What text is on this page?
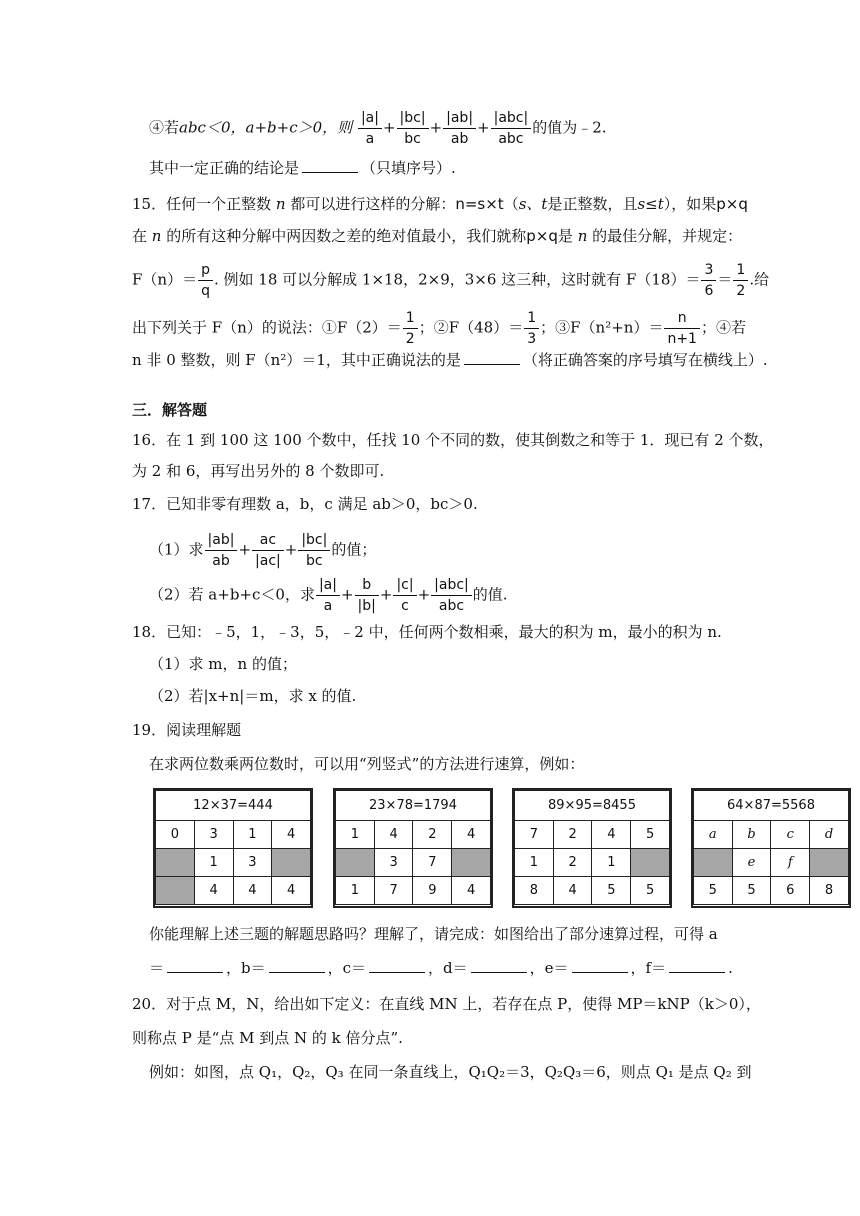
④若abc＜0，a+b+c＞0，则 $\frac{|a|}{a} + \frac{|bc|}{bc} + \frac{|ab|}{ab} + \frac{\text{|abc|}}{\text{abc}}$ 的值为﹣2.
其中一定正确的结论是	（只填序号）.
15．任何一个正整数 n 都可以进行这样的分解：n=s×t（s、t是正整数，且s≤t），如果p×q
在 n 的所有这种分解中两因数之差的绝对值最小，我们就称p×q是 n 的最佳分解，并规定：
$F(n)= \frac{p}{q}$ . 例如 18 可以分解成 1×18，2×9，3×6 这三种，这时就有 $F(18)= \frac{3}{6} = \frac{1}{2}$ .给
出下列关于 F（n）的说法：①F（2）＝ $\frac{1}{2}$ ；②F（48）＝ $\frac{1}{3}$ ；③F（n²+n）＝ $\frac{n}{n+1}$ ；④若
n 非 0 整数，则 F（n²）＝1，其中正确说法的是	（将正确答案的序号填写在横线上）.
三．解答题
16．在 1 到 100 这 100 个数中，任找 10 个不同的数，使其倒数之和等于 1．现已有 2 个数，
为 2 和 6，再写出另外的 8 个数即可.
17．已知非零有理数 a，b，c 满足 ab＞0，bc＞0.
（1）求 $\frac{|ab|}{ab} + \frac{ac}{|ac|} + \frac{|bc|}{bc}$ 的值；
（2）若 a+b+c＜0，求 $\frac{|a|}{a} + \frac{b}{|b|} + \frac{|c|}{c} + \frac{\text{|abc|}}{\text{abc}}$ 的值.
18．已知：﹣5，1，﹣3，5，﹣2 中，任何两个数相乘，最大的积为 m，最小的积为 n.
（1）求 m，n 的值；
（2）若|x+n|＝m，求 x 的值.
19．阅读理解题
在求两位数乘两位数时，可以用“列竖式”的方法进行速算，例如：
12×37=444			
0	3	1	4
	1	3	
	4	4	4
23×78=1794			
1	4	2	4
	3	7	
1	7	9	4
89×95=8455			
7	2	4	5
1	2	1	
8	4	5	5
64×87=5568			
a	b	c	d
	e	f	
5	5	6	8
你能理解上述三题的解题思路吗？理解了，请完成：如图给出了部分速算过程，可得 a
＝	，b＝	，c＝	，d＝	，e＝	，f＝	.
20．对于点 M，N，给出如下定义：在直线 MN 上，若存在点 P，使得 MP＝kNP（k＞0），
则称点 P 是“点 M 到点 N 的 k 倍分点”.
例如：如图，点 Q₁，Q₂，Q₃ 在同一条直线上，Q₁Q₂＝3，Q₂Q₃＝6，则点 Q₁ 是点 Q₂ 到
